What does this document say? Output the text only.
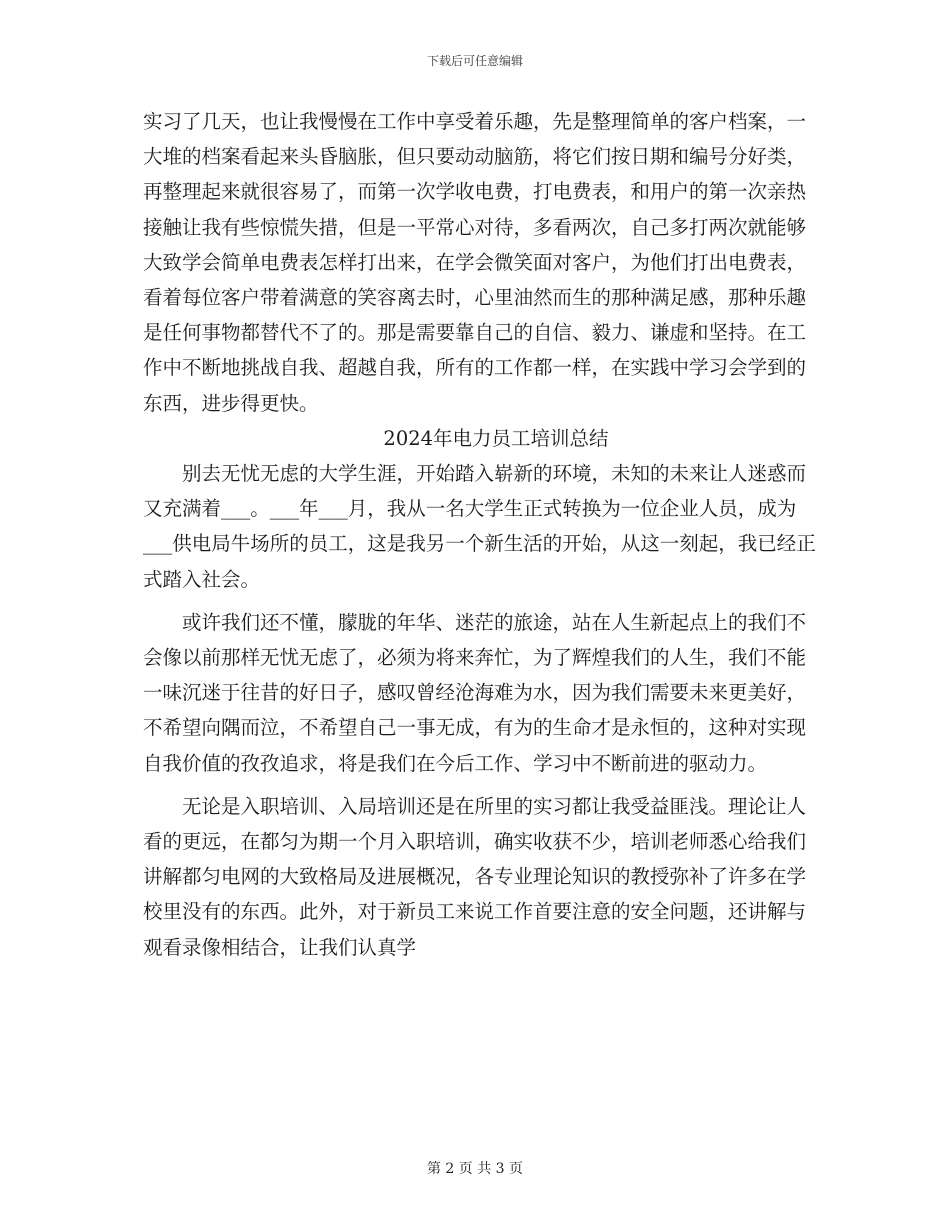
下载后可任意编辑

实习了几天，也让我慢慢在工作中享受着乐趣，先是整理简单的客户档案，一大堆的档案看起来头昏脑胀，但只要动动脑筋，将它们按日期和编号分好类，再整理起来就很容易了，而第一次学收电费，打电费表，和用户的第一次亲热接触让我有些惊慌失措，但是一平常心对待，多看两次，自己多打两次就能够大致学会简单电费表怎样打出来，在学会微笑面对客户，为他们打出电费表，看着每位客户带着满意的笑容离去时，心里油然而生的那种满足感，那种乐趣是任何事物都替代不了的。那是需要靠自己的自信、毅力、谦虚和坚持。在工作中不断地挑战自我、超越自我，所有的工作都一样，在实践中学习会学到的东西，进步得更快。

2024年电力员工培训总结

别去无忧无虑的大学生涯，开始踏入崭新的环境，未知的未来让人迷惑而又充满着___。___年___月，我从一名大学生正式转换为一位企业人员，成为___供电局牛场所的员工，这是我另一个新生活的开始，从这一刻起，我已经正式踏入社会。

或许我们还不懂，朦胧的年华、迷茫的旅途，站在人生新起点上的我们不会像以前那样无忧无虑了，必须为将来奔忙，为了辉煌我们的人生，我们不能一味沉迷于往昔的好日子，感叹曾经沧海难为水，因为我们需要未来更美好，不希望向隅而泣，不希望自己一事无成，有为的生命才是永恒的，这种对实现自我价值的孜孜追求，将是我们在今后工作、学习中不断前进的驱动力。

无论是入职培训、入局培训还是在所里的实习都让我受益匪浅。理论让人看的更远，在都匀为期一个月入职培训，确实收获不少，培训老师悉心给我们讲解都匀电网的大致格局及进展概况，各专业理论知识的教授弥补了许多在学校里没有的东西。此外，对于新员工来说工作首要注意的安全问题，还讲解与观看录像相结合，让我们认真学

第 2 页 共 3 页
